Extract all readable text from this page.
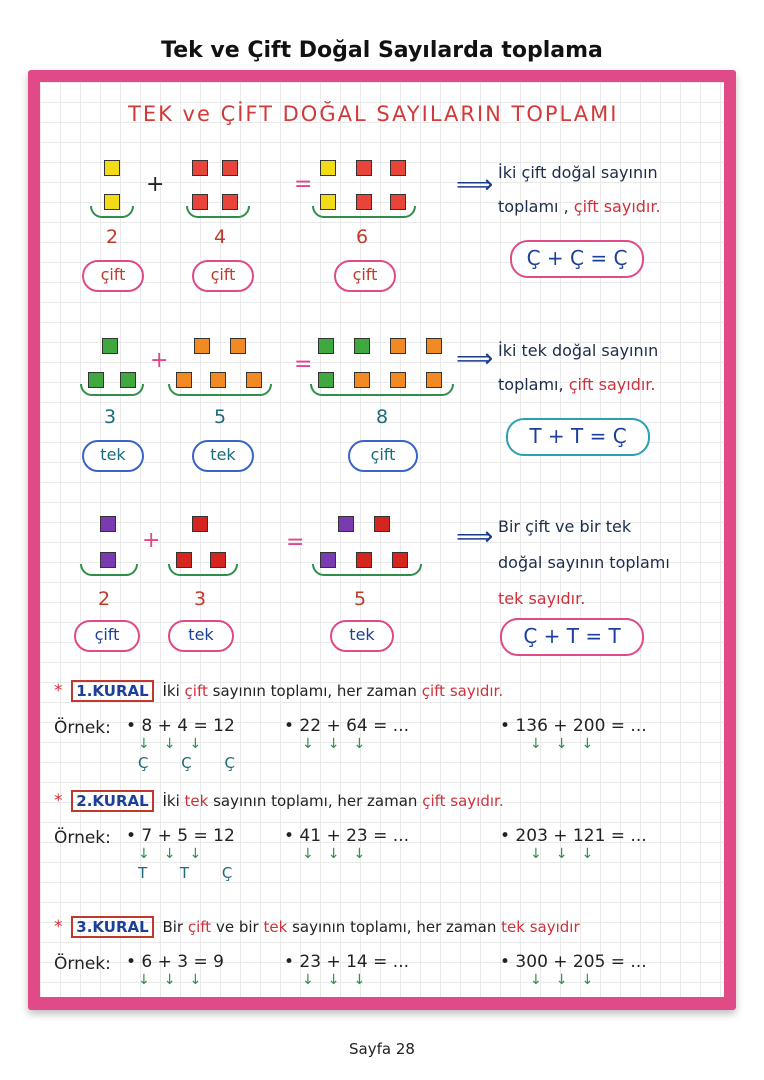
Tek ve Çift Doğal Sayılarda toplama
TEK ve ÇİFT DOĞAL SAYILARIN TOPLAMI
+	=
2	4	6
çift	çift	çift
⟹ İki çift doğal sayının
toplamı , çift sayıdır.
Ç + Ç = Ç
+	=
3	5	8
tek	tek	çift
⟹ İki tek doğal sayının
toplamı, çift sayıdır.
T + T = Ç
+	=
2	3	5
çift	tek	tek
⟹ Bir çift ve bir tek
doğal sayının toplamı
tek sayıdır.
Ç + T = T
* 1.KURAL İki çift sayının toplamı, her zaman çift sayıdır.
Örnek: • 8 + 4 = 12	• 22 + 64 = ...	• 136 + 200 = ...
↓↓↓	↓↓↓	↓↓↓
Ç Ç Ç
* 2.KURAL İki tek sayının toplamı, her zaman çift sayıdır.
Örnek: • 7 + 5 = 12	• 41 + 23 = ...	• 203 + 121 = ...
↓↓↓	↓↓↓	↓↓↓
T T Ç
* 3.KURAL Bir çift ve bir tek sayının toplamı, her zaman tek sayıdır
Örnek: • 6 + 3 = 9	• 23 + 14 = ...	• 300 + 205 = ...
↓↓↓	↓↓↓	↓↓↓
Sayfa 28
